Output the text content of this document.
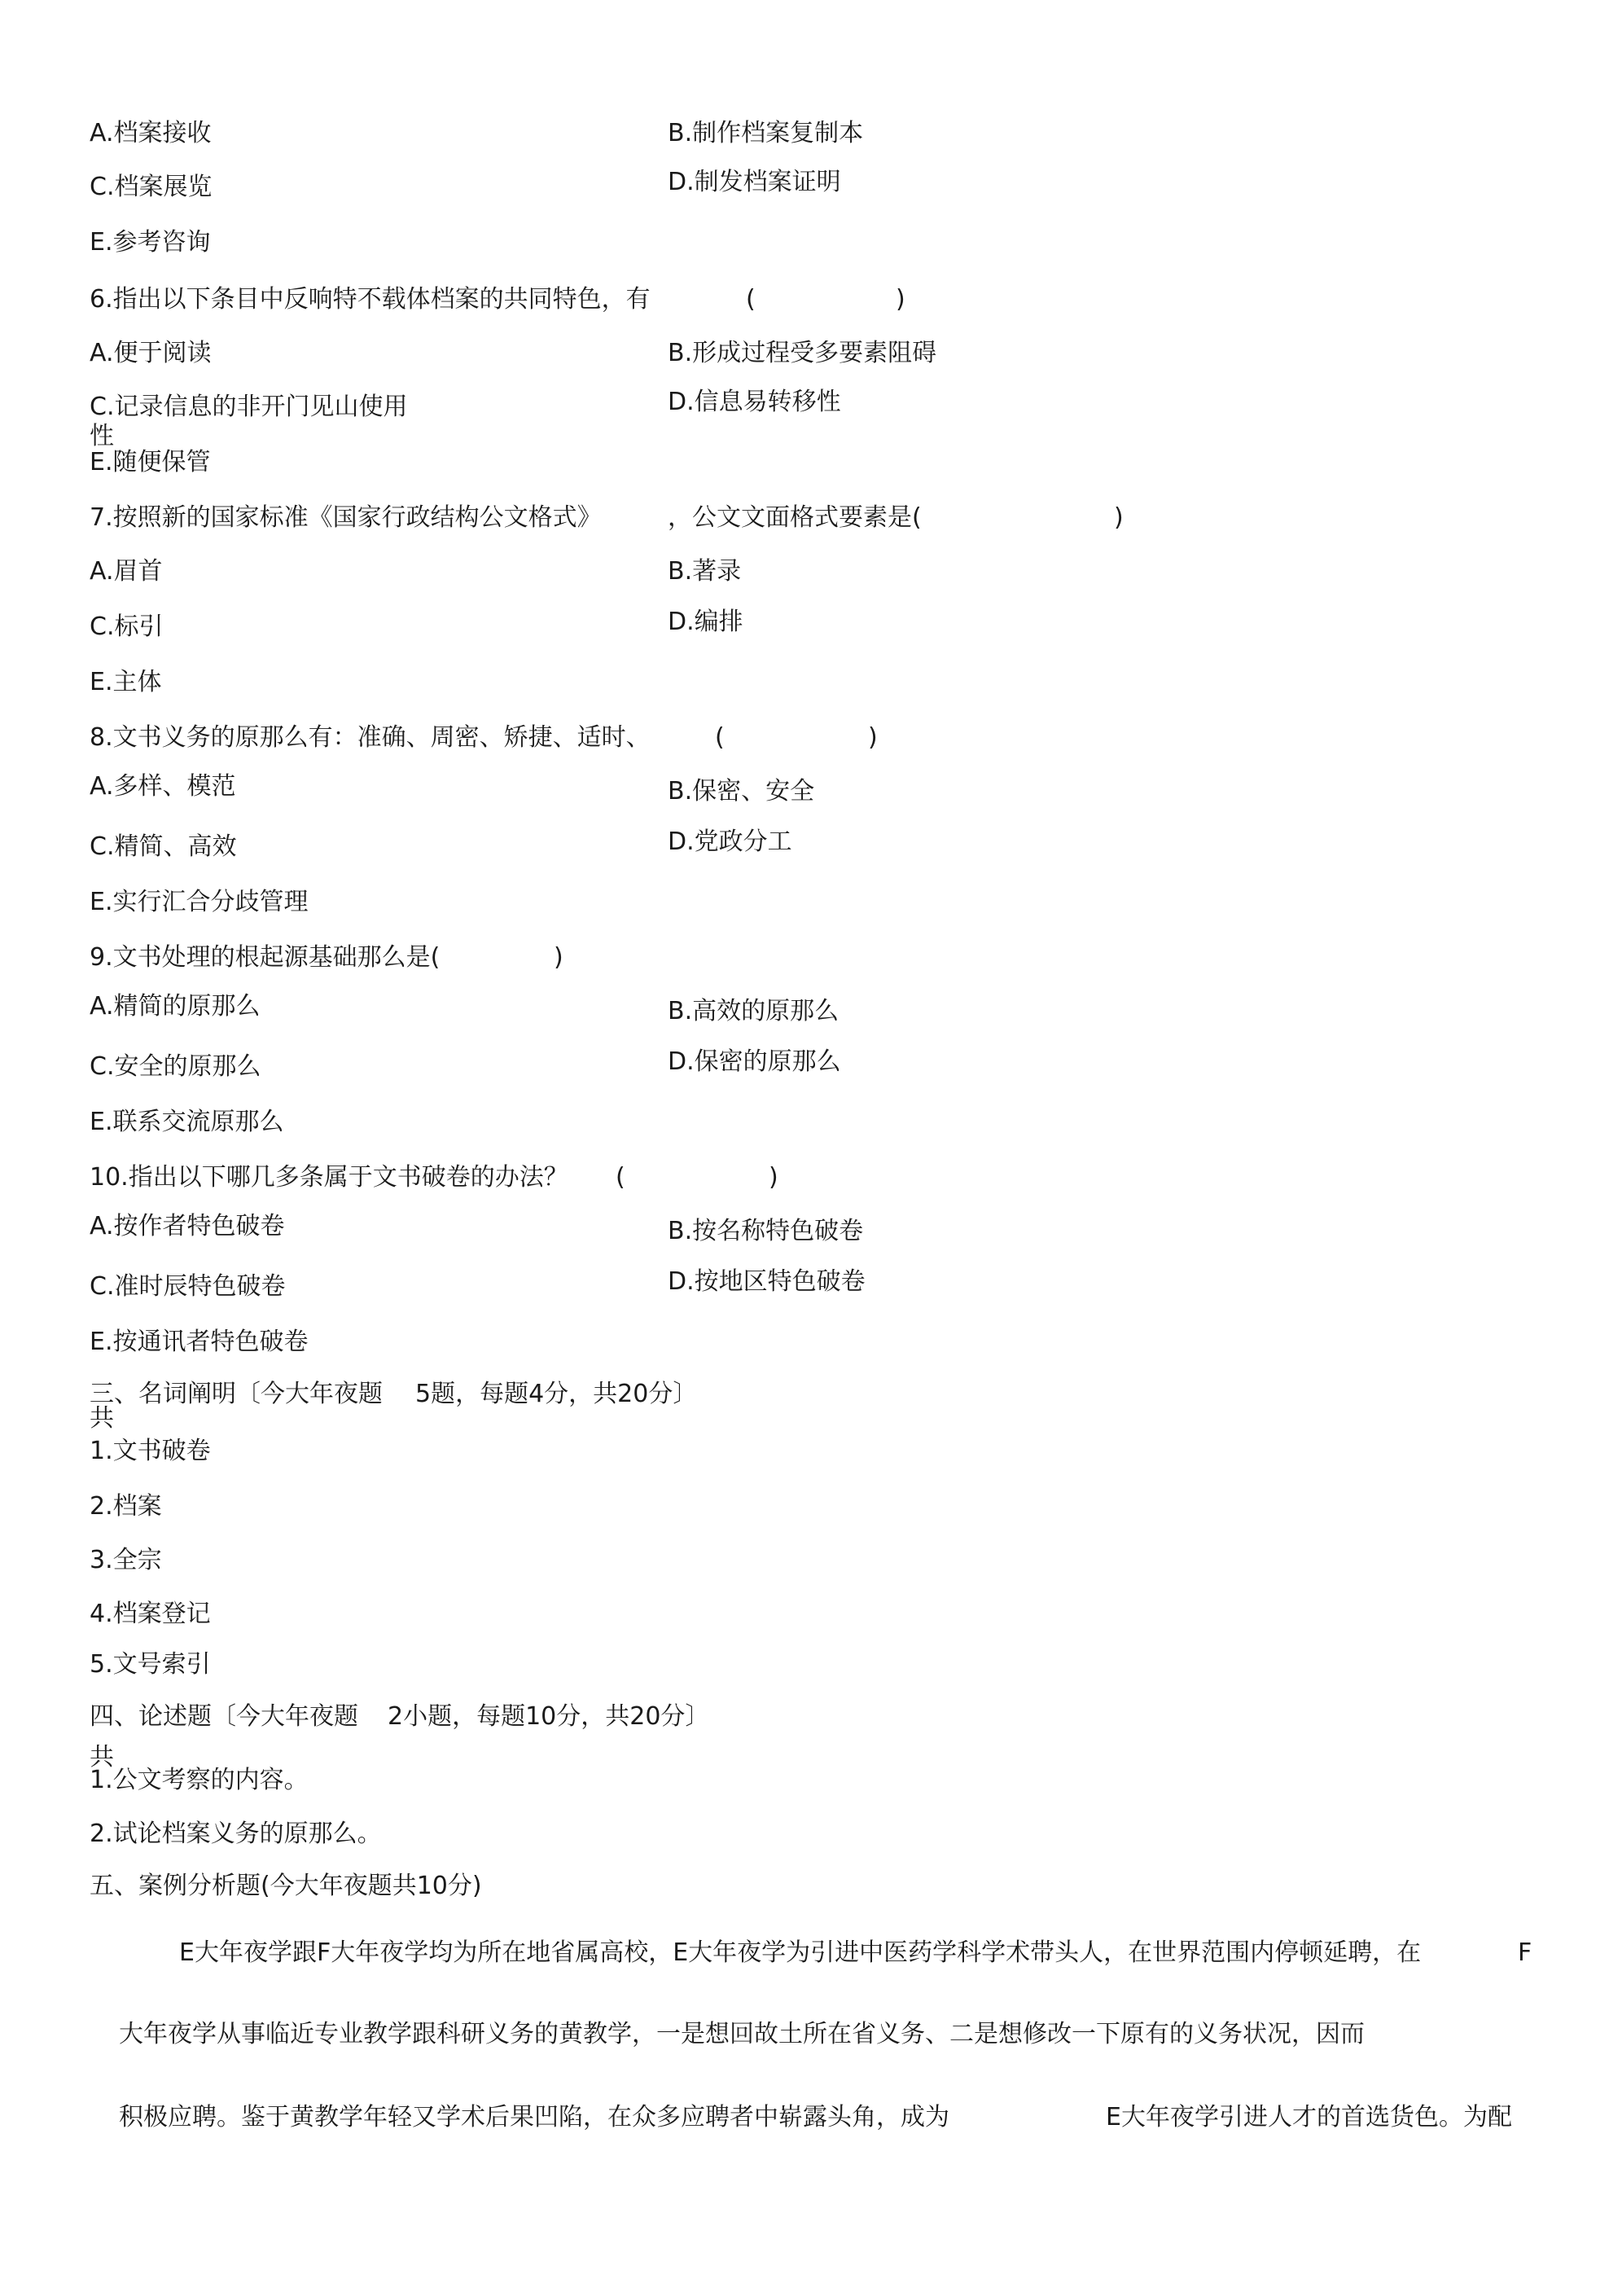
A.档案接收	B.制作档案复制本
C.档案展览	D.制发档案证明
E.参考咨询
6.指出以下条目中反响特不载体档案的共同特色，有	(	)
A.便于阅读	B.形成过程受多要素阻碍
C.记录信息的非开门见山使用
性
D.信息易转移性
E.随便保管
7.按照新的国家标准《国家行政结构公文格式》	，公文文面格式要素是(	)
A.眉首	B.著录
C.标引	D.编排
E.主体
8.文书义务的原那么有：准确、周密、矫捷、适时、	(	)
A.多样、模范	B.保密、安全
C.精简、高效	D.党政分工
E.实行汇合分歧管理
9.文书处理的根起源基础那么是(	)
A.精简的原那么	B.高效的原那么
C.安全的原那么	D.保密的原那么
E.联系交流原那么
10.指出以下哪几多条属于文书破卷的办法？ (	)
A.按作者特色破卷	B.按名称特色破卷
C.准时辰特色破卷	D.按地区特色破卷
E.按通讯者特色破卷
三、名词阐明〔今大年夜题 5题，每题4分，共20分〕
共
1.文书破卷
2.档案
3.全宗
4.档案登记
5.文号索引
四、论述题〔今大年夜题 2小题，每题10分，共20分〕
共
1.公文考察的内容。
2.试论档案义务的原那么。
五、案例分析题(今大年夜题共10分)
E大年夜学跟F大年夜学均为所在地省属高校，E大年夜学为引进中医药学科学术带头人，在世界范围内停顿延聘，在	F
大年夜学从事临近专业教学跟科研义务的黄教学，一是想回故土所在省义务、二是想修改一下原有的义务状况，因而
积极应聘。鉴于黄教学年轻又学术后果凹陷，在众多应聘者中崭露头角，成为	E大年夜学引进人才的首选货色。为配
